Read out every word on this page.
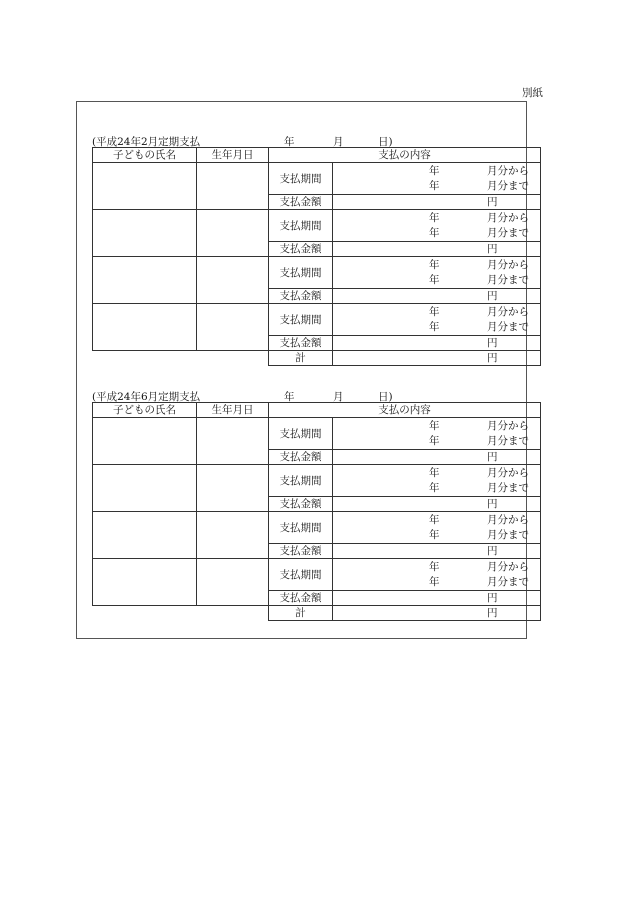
別紙
(平成24年2月定期支払	年	月	日)
子どもの氏名	生年月日	支払の内容	
		支払期間	年 月分から
年 月分まで

		支払金額	円

		支払期間	年 月分から
年 月分まで

		支払金額	円

		支払期間	年 月分から
年 月分まで

		支払金額	円

		支払期間	年 月分から
年 月分まで

		支払金額	円

		計	円
(平成24年6月定期支払	年	月	日)
子どもの氏名	生年月日	支払の内容	
		支払期間	年 月分から
年 月分まで

		支払金額	円

		支払期間	年 月分から
年 月分まで

		支払金額	円

		支払期間	年 月分から
年 月分まで

		支払金額	円

		支払期間	年 月分から
年 月分まで

		支払金額	円

		計	円
